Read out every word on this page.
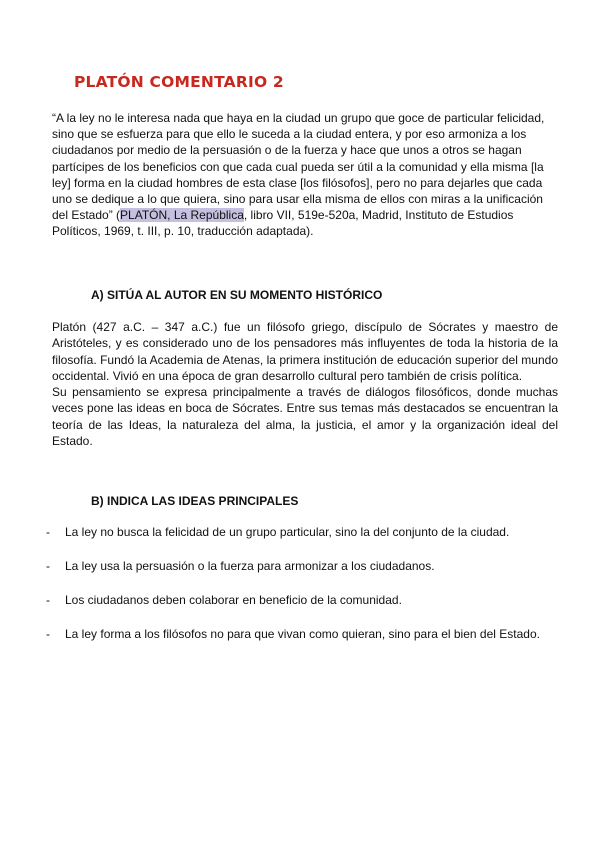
PLATÓN COMENTARIO 2
“A la ley no le interesa nada que haya en la ciudad un grupo que goce de particular felicidad, sino que se esfuerza para que ello le suceda a la ciudad entera, y por eso armoniza a los ciudadanos por medio de la persuasión o de la fuerza y hace que unos a otros se hagan partícipes de los beneficios con que cada cual pueda ser útil a la comunidad y ella misma [la ley] forma en la ciudad hombres de esta clase [los filósofos], pero no para dejarles que cada uno se dedique a lo que quiera, sino para usar ella misma de ellos con miras a la unificación del Estado” (PLATÓN, La República, libro VII, 519e-520a, Madrid, Instituto de Estudios Políticos, 1969, t. III, p. 10, traducción adaptada).
A) SITÚA AL AUTOR EN SU MOMENTO HISTÓRICO

Platón (427 a.C. – 347 a.C.) fue un filósofo griego, discípulo de Sócrates y maestro de Aristóteles, y es considerado uno de los pensadores más influyentes de toda la historia de la filosofía. Fundó la Academia de Atenas, la primera institución de educación superior del mundo occidental. Vivió en una época de gran desarrollo cultural pero también de crisis política.

Su pensamiento se expresa principalmente a través de diálogos filosóficos, donde muchas veces pone las ideas en boca de Sócrates. Entre sus temas más destacados se encuentran la teoría de las Ideas, la naturaleza del alma, la justicia, el amor y la organización ideal del Estado.

B) INDICA LAS IDEAS PRINCIPALES
- La ley no busca la felicidad de un grupo particular, sino la del conjunto de la ciudad.
- La ley usa la persuasión o la fuerza para armonizar a los ciudadanos.
- Los ciudadanos deben colaborar en beneficio de la comunidad.
- La ley forma a los filósofos no para que vivan como quieran, sino para el bien del Estado.
